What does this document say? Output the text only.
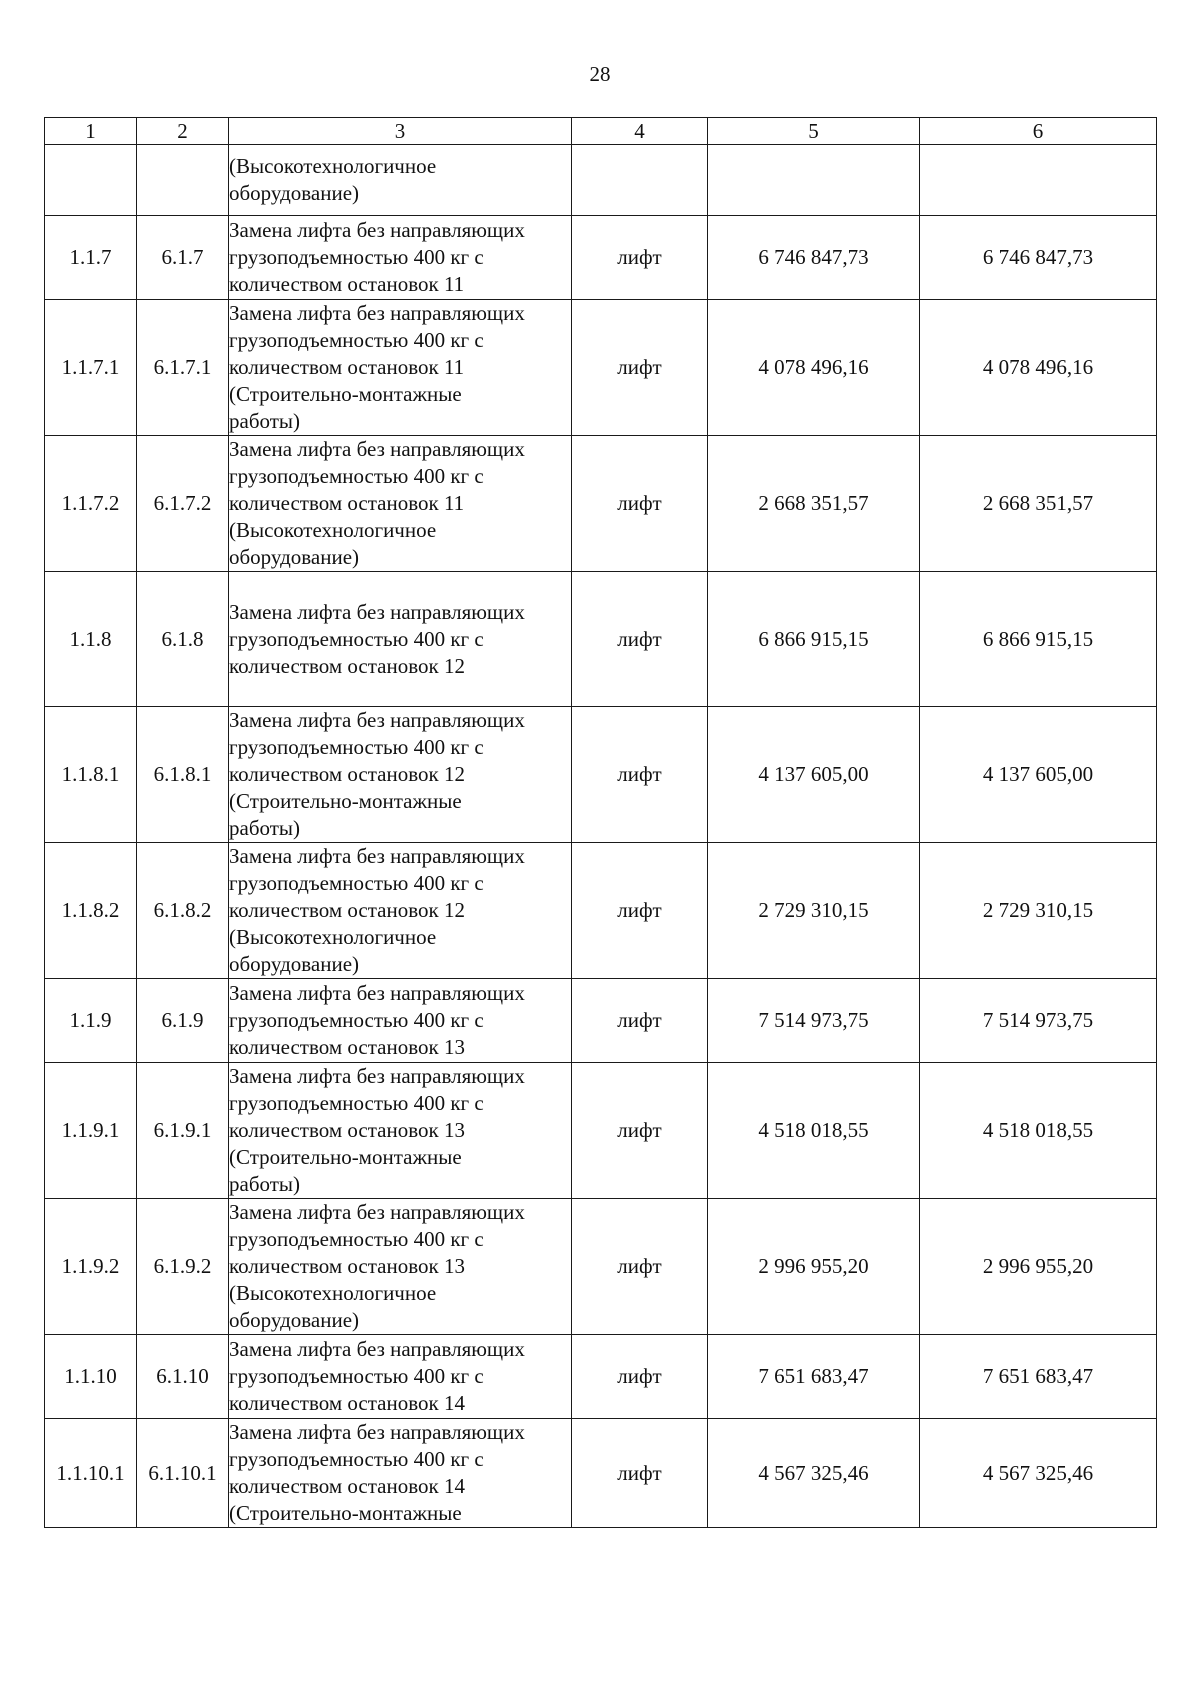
28
1	2	3	4	5	6

		(Высокотехнологичное
оборудование)			

1.1.7	6.1.7	Замена лифта без направляющих
грузоподъемностью 400 кг с
количеством остановок 11	лифт	6 746 847,73	6 746 847,73
1.1.7.1	6.1.7.1	Замена лифта без направляющих
грузоподъемностью 400 кг с
количеством остановок 11
(Строительно-монтажные
работы)	лифт	4 078 496,16	4 078 496,16
1.1.7.2	6.1.7.2	Замена лифта без направляющих
грузоподъемностью 400 кг с
количеством остановок 11
(Высокотехнологичное
оборудование)	лифт	2 668 351,57	2 668 351,57
1.1.8	6.1.8	Замена лифта без направляющих
грузоподъемностью 400 кг с
количеством остановок 12	лифт	6 866 915,15	6 866 915,15
1.1.8.1	6.1.8.1	Замена лифта без направляющих
грузоподъемностью 400 кг с
количеством остановок 12
(Строительно-монтажные
работы)	лифт	4 137 605,00	4 137 605,00
1.1.8.2	6.1.8.2	Замена лифта без направляющих
грузоподъемностью 400 кг с
количеством остановок 12
(Высокотехнологичное
оборудование)	лифт	2 729 310,15	2 729 310,15
1.1.9	6.1.9	Замена лифта без направляющих
грузоподъемностью 400 кг с
количеством остановок 13	лифт	7 514 973,75	7 514 973,75
1.1.9.1	6.1.9.1	Замена лифта без направляющих
грузоподъемностью 400 кг с
количеством остановок 13
(Строительно-монтажные
работы)	лифт	4 518 018,55	4 518 018,55
1.1.9.2	6.1.9.2	Замена лифта без направляющих
грузоподъемностью 400 кг с
количеством остановок 13
(Высокотехнологичное
оборудование)	лифт	2 996 955,20	2 996 955,20
1.1.10	6.1.10	Замена лифта без направляющих
грузоподъемностью 400 кг с
количеством остановок 14	лифт	7 651 683,47	7 651 683,47
1.1.10.1	6.1.10.1	Замена лифта без направляющих
грузоподъемностью 400 кг с
количеством остановок 14
(Строительно-монтажные	лифт	4 567 325,46	4 567 325,46
